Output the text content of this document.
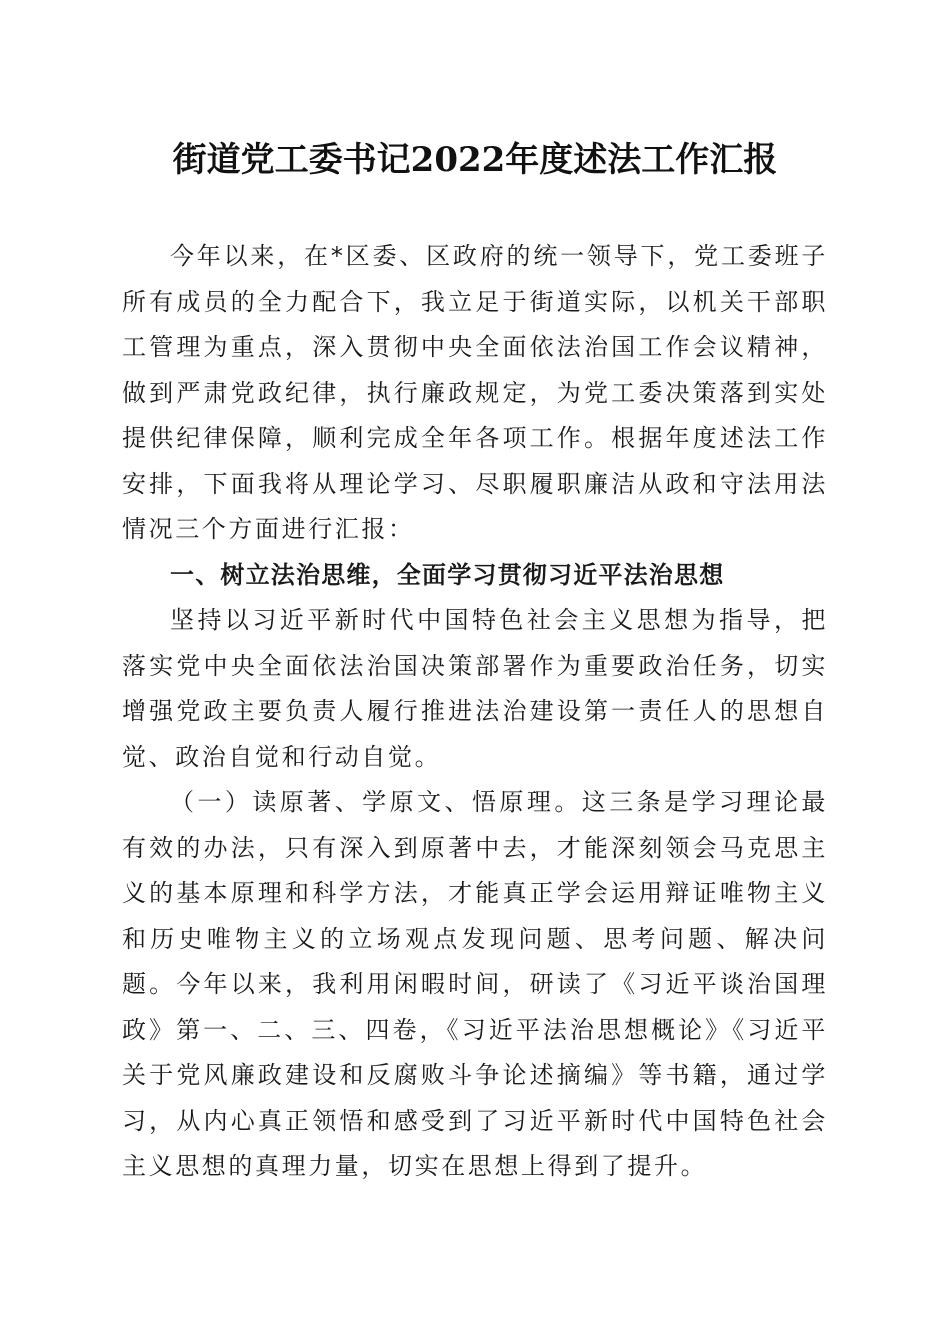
街道党工委书记2022年度述法工作汇报

今年以来，在*区委、区政府的统一领导下，党工委班子所有成员的全力配合下，我立足于街道实际，以机关干部职工管理为重点，深入贯彻中央全面依法治国工作会议精神，做到严肃党政纪律，执行廉政规定，为党工委决策落到实处提供纪律保障，顺利完成全年各项工作。根据年度述法工作安排，下面我将从理论学习、尽职履职廉洁从政和守法用法情况三个方面进行汇报：

一、树立法治思维，全面学习贯彻习近平法治思想

坚持以习近平新时代中国特色社会主义思想为指导，把落实党中央全面依法治国决策部署作为重要政治任务，切实增强党政主要负责人履行推进法治建设第一责任人的思想自觉、政治自觉和行动自觉。

（一）读原著、学原文、悟原理。这三条是学习理论最有效的办法，只有深入到原著中去，才能深刻领会马克思主义的基本原理和科学方法，才能真正学会运用辩证唯物主义和历史唯物主义的立场观点发现问题、思考问题、解决问题。今年以来，我利用闲暇时间，研读了《习近平谈治国理政》第一、二、三、四卷，《习近平法治思想概论》《习近平关于党风廉政建设和反腐败斗争论述摘编》等书籍，通过学习，从内心真正领悟和感受到了习近平新时代中国特色社会主义思想的真理力量，切实在思想上得到了提升。
